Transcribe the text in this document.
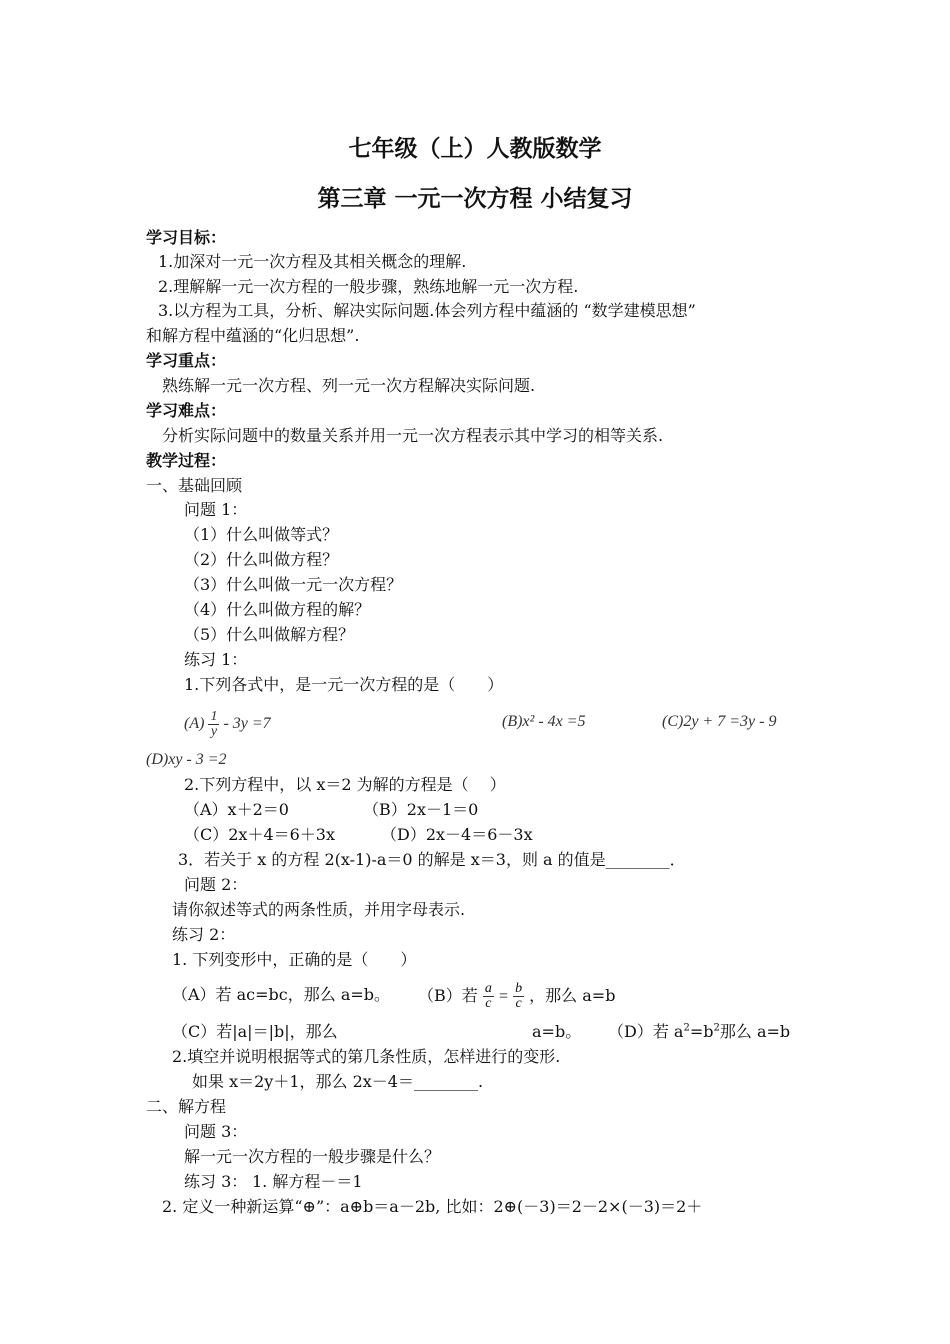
七年级（上）人教版数学
第三章 一元一次方程 小结复习
学习目标：
1.加深对一元一次方程及其相关概念的理解.
2.理解解一元一次方程的一般步骤，熟练地解一元一次方程.
3.以方程为工具，分析、解决实际问题.体会列方程中蕴涵的 “数学建模思想”
和解方程中蕴涵的“化归思想”.
学习重点：
熟练解一元一次方程、列一元一次方程解决实际问题.
学习难点：
分析实际问题中的数量关系并用一元一次方程表示其中学习的相等关系.
教学过程：
一、基础回顾
问题 1：
（1）什么叫做等式？
（2）什么叫做方程？
（3）什么叫做一元一次方程？
（4）什么叫做方程的解？
（5）什么叫做解方程？
练习 1：
1.下列各式中，是一元一次方程的是（　　）
$(A) \frac{1}{y} - 3y =7$	(B)x² - 4x =5	(C)2y + 7 =3y - 9
(D)xy - 3 =2
2.下列方程中，以 x＝2 为解的方程是（　 ）
（A）x＋2＝0	（B）2x－1＝0
（C）2x＋4＝6＋3x	（D）2x－4＝6－3x
3．若关于 x 的方程 2(x-1)-a＝0 的解是 x＝3，则 a 的值是________．
问题 2：
请你叙述等式的两条性质，并用字母表示.
练习 2：
1. 下列变形中，正确的是（　　）
（A）若 ac=bc，那么 a=b。 （B）若 $\frac{a}{c} = \frac{b}{c}$ ，那么 a=b
（C）若|a|＝|b|，那么	a=b。 （D）若 $a^2=b^2$那么 a=b
2.填空并说明根据等式的第几条性质，怎样进行的变形.
如果 x＝2y＋1，那么 2x－4＝________.
二、解方程
问题 3：
解一元一次方程的一般步骤是什么？
练习 3： 1. 解方程－＝1
2. 定义一种新运算“⊕”：a⊕b＝a－2b, 比如：2⊕(－3)＝2－2×(－3)＝2＋
